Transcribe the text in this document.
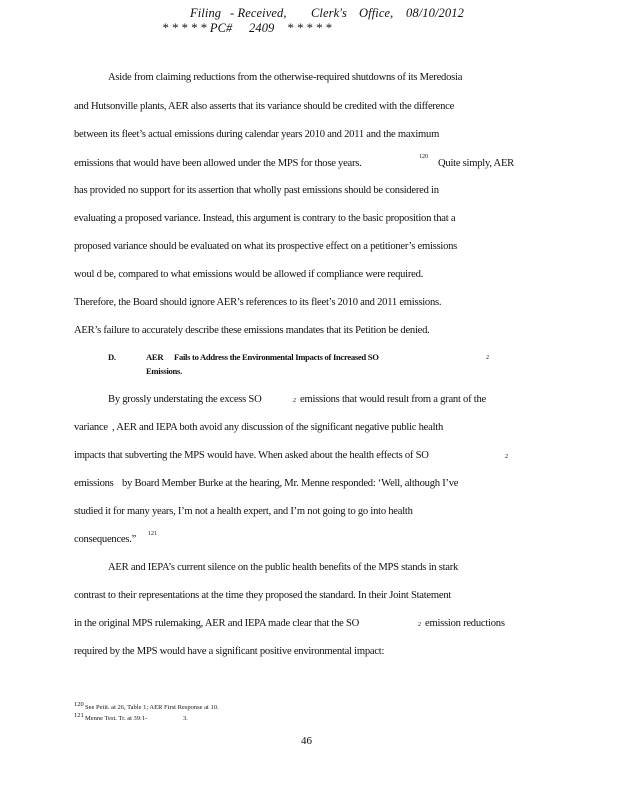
Filing - Received, Clerk's Office, 08/10/2012
* * * * * PC# 2409 * * * * *
Aside from claiming reductions from the otherwise-required shutdowns of its Meredosia
and Hutsonville plants, AER also asserts that its variance should be credited with the difference
between its fleet’s actual emissions during calendar years 2010 and 2011 and the maximum
emissions that would have been allowed under the MPS for those years.
120
Quite simply, AER
has provided no support for its assertion that wholly past emissions should be considered in
evaluating a proposed variance. Instead, this argument is contrary to the basic proposition that a
proposed variance should be evaluated on what its prospective effect on a petitioner’s emissions
woul d be, compared to what emissions would be allowed if compliance were required.
Therefore, the Board should ignore AER’s references to its fleet’s 2010 and 2011 emissions.
AER’s failure to accurately describe these emissions mandates that its Petition be denied.
D.	AER Fails to Address the Environmental Impacts of Increased SO	2
Emissions.
By grossly understating the excess SO	2 emissions that would result from a grant of the
variance , AER and IEPA both avoid any discussion of the significant negative public health
impacts that subverting the MPS would have. When asked about the health effects of SO	2
emissions by Board Member Burke at the hearing, Mr. Menne responded: ‘Well, although I’ve
studied it for many years, I’m not a health expert, and I’m not going to go into health
consequences.” 121
AER and IEPA’s current silence on the public health benefits of the MPS stands in stark
contrast to their representations at the time they proposed the standard. In their Joint Statement
in the original MPS rulemaking, AER and IEPA made clear that the SO	2 emission reductions
required by the MPS would have a significant positive environmental impact:
120 See Petit. at 26, Table 1; AER First Response at 10.
121 Menne Test. Tr. at 39:1-	3.
46
